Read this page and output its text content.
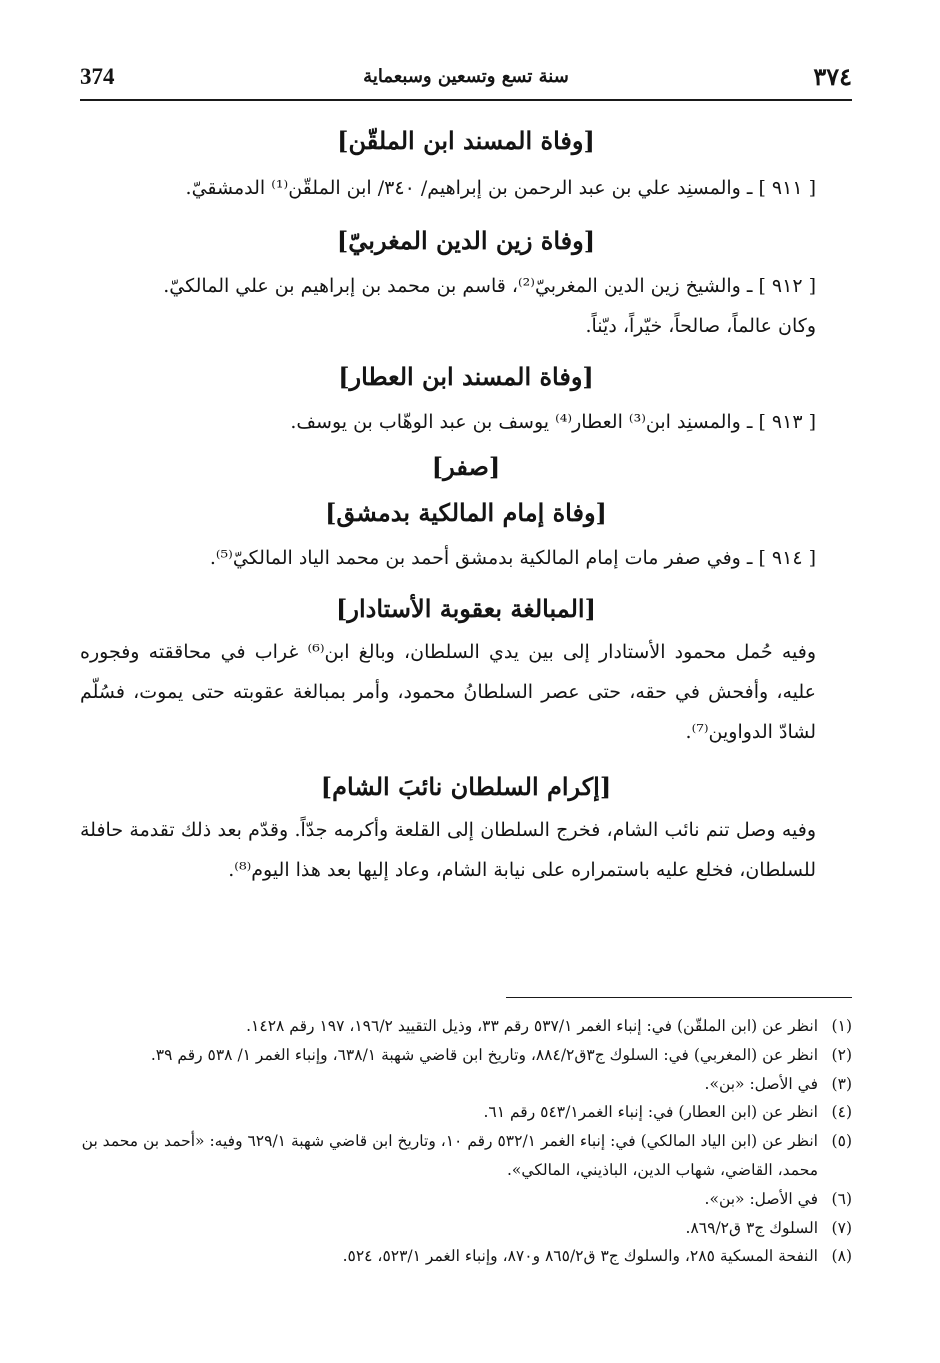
374	سنة تسع وتسعين وسبعماية	٣٧٤
[وفاة المسند ابن الملقّن]

[ ٩١١ ] ـ والمسنِد علي بن عبد الرحمن بن إبراهيم/ ٣٤٠/ ابن الملقّن⁽¹⁾ الدمشقيّ.

[وفاة زين الدين المغربيّ]

[ ٩١٢ ] ـ والشيخ زين الدين المغربيّ⁽²⁾، قاسم بن محمد بن إبراهيم بن علي المالكيّ.

وكان عالماً، صالحاً، خيّراً، ديّناً.

[وفاة المسند ابن العطار]

[ ٩١٣ ] ـ والمسنِد ابن⁽³⁾ العطار⁽⁴⁾ يوسف بن عبد الوهّاب بن يوسف.

[صفر]
[وفاة إمام المالكية بدمشق]

[ ٩١٤ ] ـ وفي صفر مات إمام المالكية بدمشق أحمد بن محمد الياد المالكيّ⁽⁵⁾.

[المبالغة بعقوبة الأستادار]

وفيه حُمل محمود الأستادار إلى بين يدي السلطان، وبالغ ابن⁽⁶⁾ غراب في محاققته وفجوره عليه، وأفحش في حقه، حتى عصر السلطانُ محمود، وأمر بمبالغة عقوبته حتى يموت، فسُلّم لشادّ الدواوين⁽⁷⁾.

[إكرام السلطان نائبَ الشام]

وفيه وصل تنم نائب الشام، فخرج السلطان إلى القلعة وأكرمه جدّاً. وقدّم بعد ذلك تقدمة حافلة للسلطان، فخلع عليه باستمراره على نيابة الشام، وعاد إليها بعد هذا اليوم⁽⁸⁾.

(١)
انظر عن (ابن الملقّن) في: إنباء الغمر ٥٣٧/١ رقم ٣٣، وذيل التقييد ١٩٦/٢، ١٩٧ رقم ١٤٢٨.
(٢)
انظر عن (المغربي) في: السلوك ج٣ق٨٨٤/٢، وتاريخ ابن قاضي شهبة ٦٣٨/١، وإنباء الغمر ١/ ٥٣٨ رقم ٣٩.
(٣)
في الأصل: «بن».
(٤)
انظر عن (ابن العطار) في: إنباء الغمر٥٤٣/١ رقم ٦١.
(٥)
انظر عن (ابن الياد المالكي) في: إنباء الغمر ٥٣٢/١ رقم ١٠، وتاريخ ابن قاضي شهبة ٦٢٩/١ وفيه: «أحمد بن محمد بن محمد، القاضي، شهاب الدين، الباذيني، المالكي».
(٦)
في الأصل: «بن».
(٧)
السلوك ج٣ ق٨٦٩/٢.
(٨)
النفحة المسكية ٢٨٥، والسلوك ج٣ ق٨٦٥/٢ و٨٧٠، وإنباء الغمر ٥٢٣/١، ٥٢٤.
